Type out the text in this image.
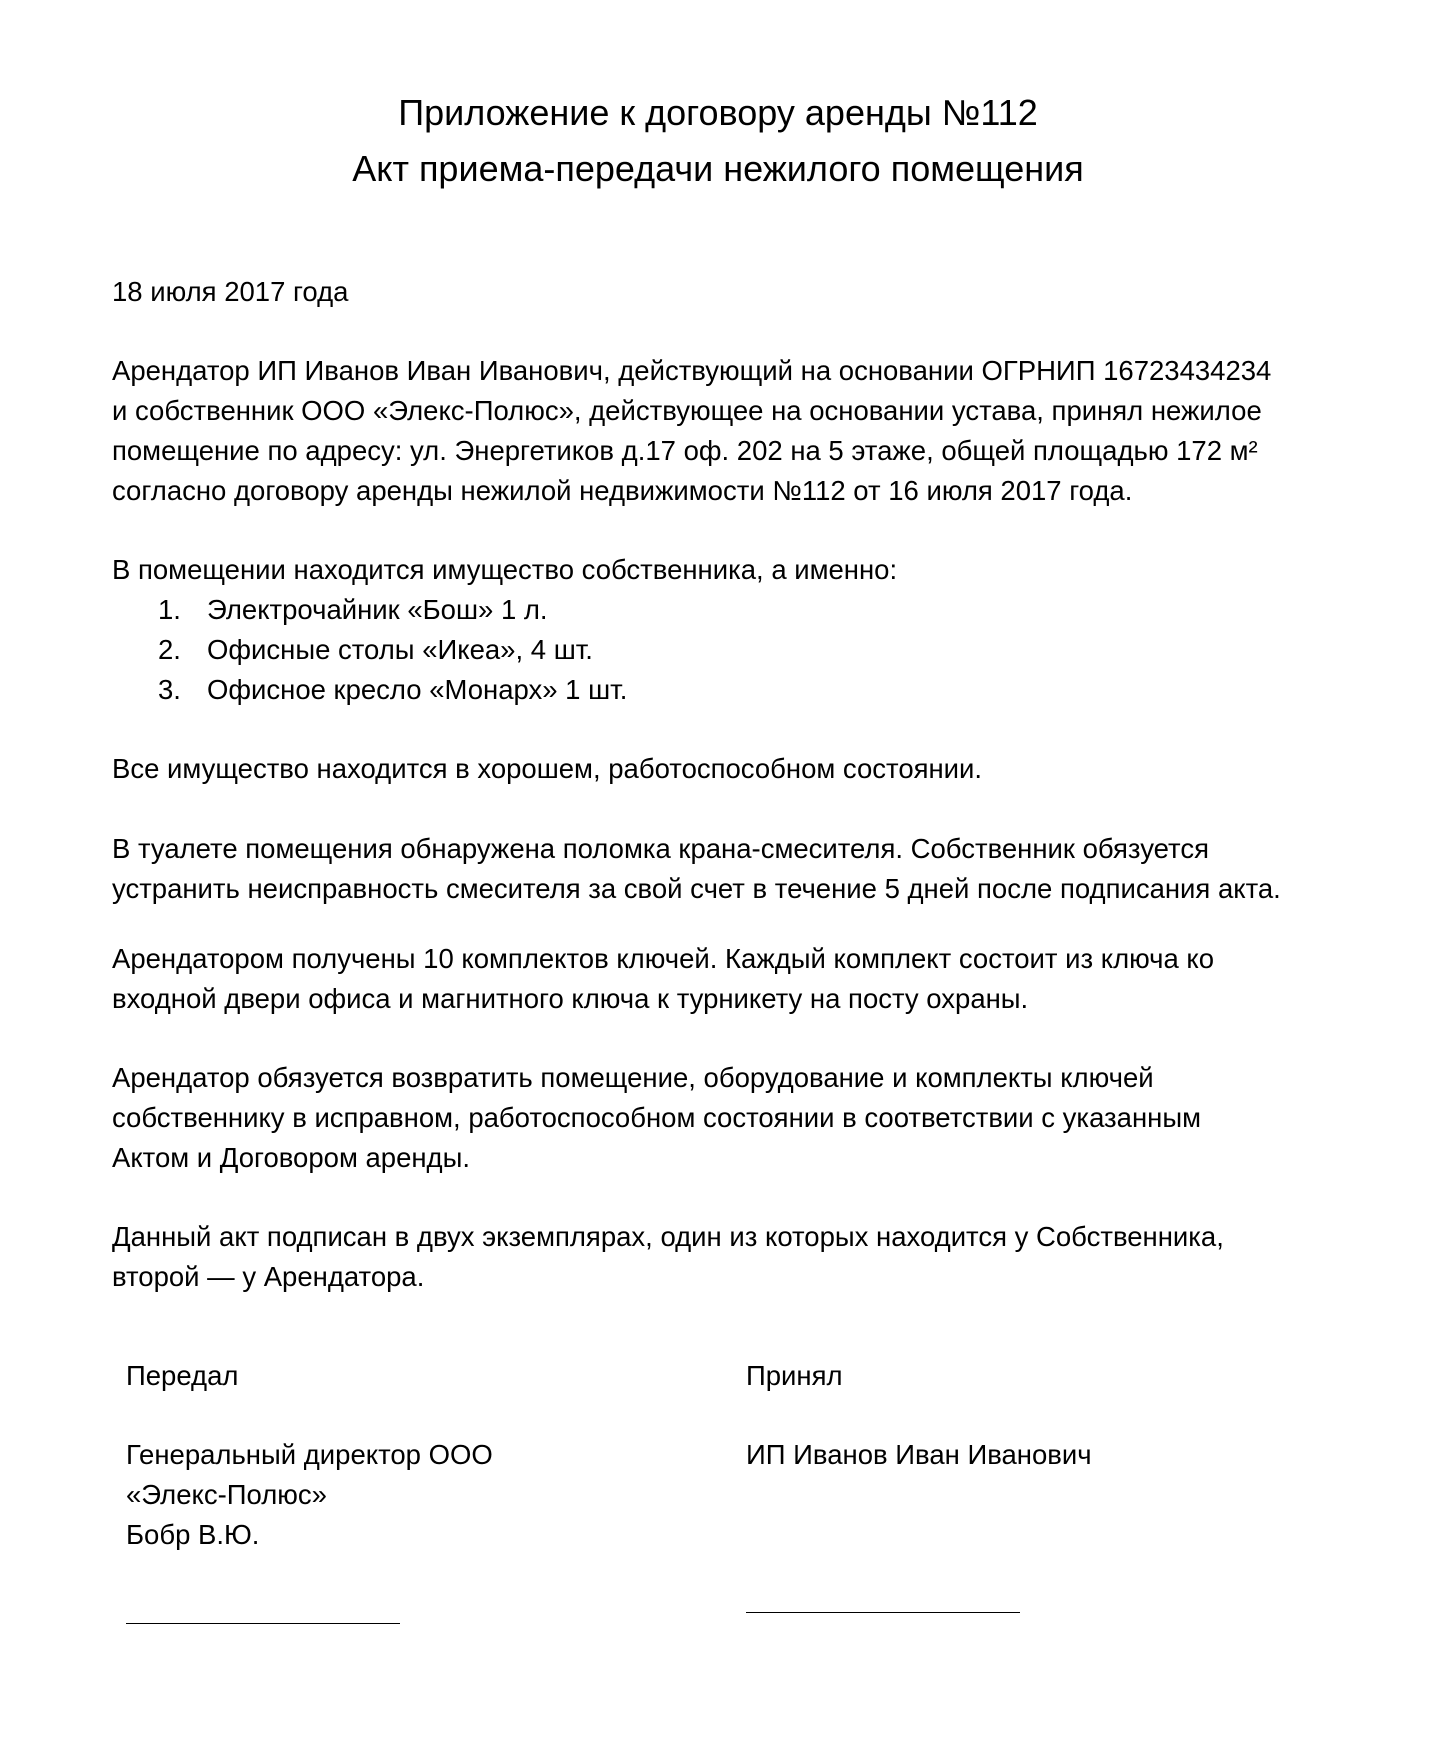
Приложение к договору аренды №112
Акт приема-передачи нежилого помещения
18 июля 2017 года
Арендатор ИП Иванов Иван Иванович, действующий на основании ОГРНИП 16723434234
и собственник ООО «Элекс-Полюс», действующее на основании устава, принял нежилое
помещение по адресу: ул. Энергетиков д.17 оф. 202 на 5 этаже, общей площадью 172 м²
согласно договору аренды нежилой недвижимости №112 от 16 июля 2017 года.
В помещении находится имущество собственника, а именно:
1. Электрочайник «Бош» 1 л.
2. Офисные столы «Икеа», 4 шт.
3. Офисное кресло «Монарх» 1 шт.
Все имущество находится в хорошем, работоспособном состоянии.
В туалете помещения обнаружена поломка крана-смесителя. Собственник обязуется
устранить неисправность смесителя за свой счет в течение 5 дней после подписания акта.
Арендатором получены 10 комплектов ключей. Каждый комплект состоит из ключа ко
входной двери офиса и магнитного ключа к турникету на посту охраны.
Арендатор обязуется возвратить помещение, оборудование и комплекты ключей
собственнику в исправном, работоспособном состоянии в соответствии с указанным
Актом и Договором аренды.
Данный акт подписан в двух экземплярах, один из которых находится у Собственника,
второй — у Арендатора.
Передал
Генеральный директор ООО
«Элекс-Полюс»
Бобр В.Ю.
Принял
ИП Иванов Иван Иванович
